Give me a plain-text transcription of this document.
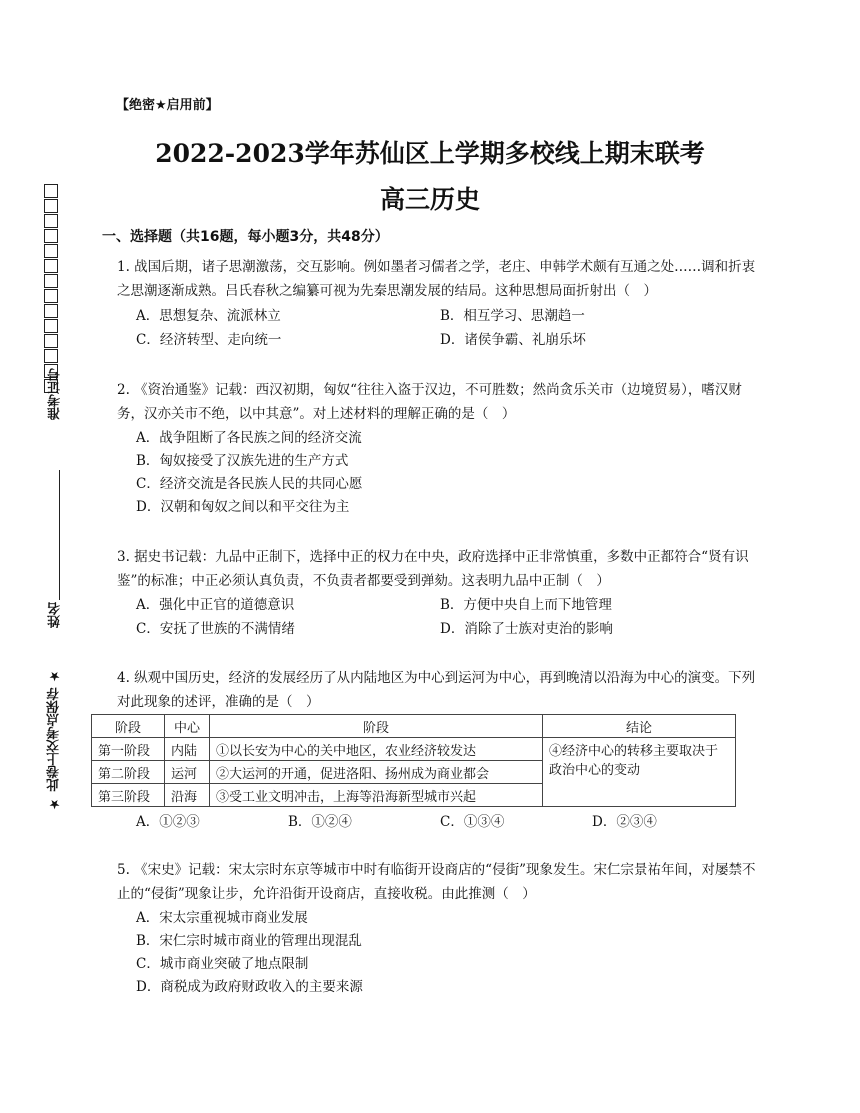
准考证号
姓名
★ 此卷上交考点保存 ★
【绝密★启用前】
2022-2023学年苏仙区上学期多校线上期末联考
高三历史
一、选择题（共16题，每小题3分，共48分）
1. 战国后期，诸子思潮激荡，交互影响。例如墨者习儒者之学，老庄、申韩学术颇有互通之处……调和折衷之思潮逐渐成熟。吕氏春秋之编纂可视为先秦思潮发展的结局。这种思想局面折射出（　）
A．思想复杂、流派林立	B．相互学习、思潮趋一
C．经济转型、走向统一	D．诸侯争霸、礼崩乐坏
2. 《资治通鉴》记载：西汉初期，匈奴“往往入盗于汉边，不可胜数；然尚贪乐关市（边境贸易），嗜汉财务，汉亦关市不绝，以中其意”。对上述材料的理解正确的是（　）
A．战争阻断了各民族之间的经济交流
B．匈奴接受了汉族先进的生产方式
C．经济交流是各民族人民的共同心愿
D．汉朝和匈奴之间以和平交往为主
3. 据史书记载：九品中正制下，选择中正的权力在中央，政府选择中正非常慎重，多数中正都符合“贤有识鉴”的标准；中正必须认真负责，不负责者都要受到弹劾。这表明九品中正制（　）
A．强化中正官的道德意识	B．方便中央自上而下地管理
C．安抚了世族的不满情绪	D．消除了士族对吏治的影响
4. 纵观中国历史，经济的发展经历了从内陆地区为中心到运河为中心，再到晚清以沿海为中心的演变。下列对此现象的述评，准确的是（　）
阶段	中心	阶段	结论
第一阶段	内陆	①以长安为中心的关中地区，农业经济较发达	④经济中心的转移主要取决于政治中心的变动
第二阶段	运河	②大运河的开通，促进洛阳、扬州成为商业都会	
第三阶段	沿海	③受工业文明冲击，上海等沿海新型城市兴起	
A．①②③	B．①②④	C．①③④	D．②③④
5. 《宋史》记载：宋太宗时东京等城市中时有临街开设商店的“侵街”现象发生。宋仁宗景祐年间，对屡禁不止的“侵街”现象让步，允许沿街开设商店，直接收税。由此推测（　）
A．宋太宗重视城市商业发展
B．宋仁宗时城市商业的管理出现混乱
C．城市商业突破了地点限制
D．商税成为政府财政收入的主要来源
